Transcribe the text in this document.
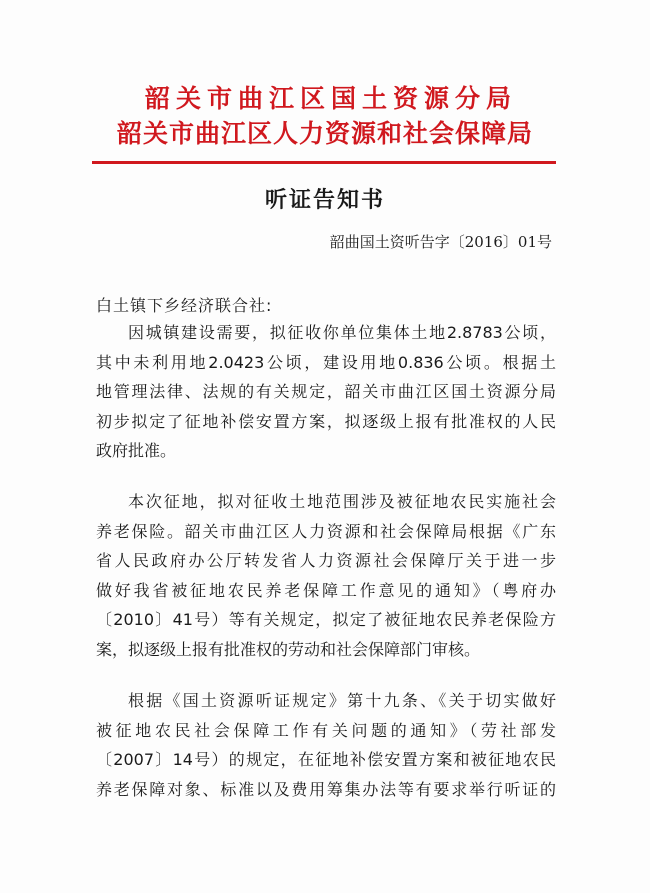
韶关市曲江区国土资源分局
韶关市曲江区人力资源和社会保障局
听证告知书
韶曲国土资听告字〔2016〕01号
白土镇下乡经济联合社:
因城镇建设需要，拟征收你单位集体土地2.8783公顷，
其中未利用地2.0423公顷，建设用地0.836公顷。根据土
地管理法律、法规的有关规定，韶关市曲江区国土资源分局
初步拟定了征地补偿安置方案，拟逐级上报有批准权的人民
政府批准。
本次征地，拟对征收土地范围涉及被征地农民实施社会
养老保险。韶关市曲江区人力资源和社会保障局根据《广东
省人民政府办公厅转发省人力资源社会保障厅关于进一步
做好我省被征地农民养老保障工作意见的通知》（粤府办
〔2010〕41号）等有关规定，拟定了被征地农民养老保险方
案，拟逐级上报有批准权的劳动和社会保障部门审核。
根据《国土资源听证规定》第十九条、《关于切实做好
被征地农民社会保障工作有关问题的通知》（劳社部发
〔2007〕14号）的规定，在征地补偿安置方案和被征地农民
养老保障对象、标准以及费用筹集办法等有要求举行听证的
